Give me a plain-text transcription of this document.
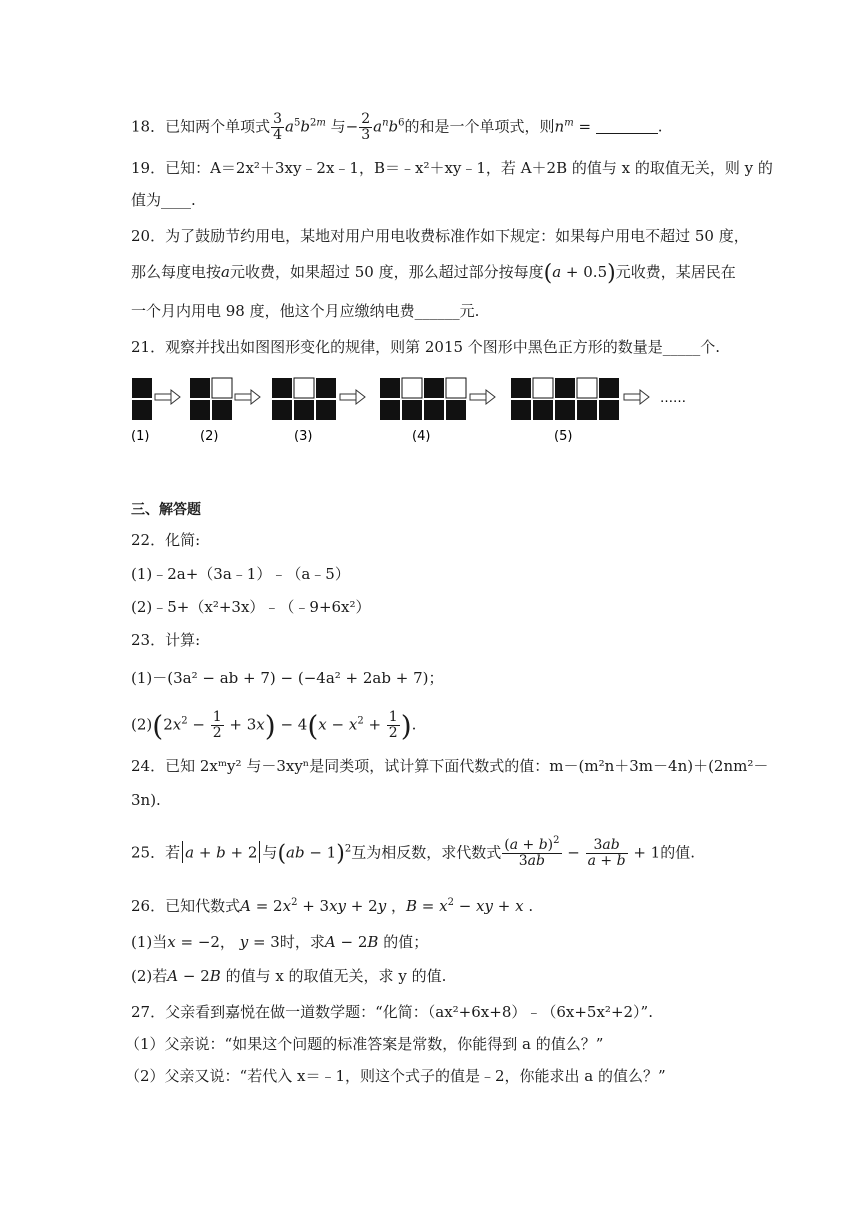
18．已知两个单项式 $\frac{3}{4} a^5b^{2m}$ 与− $\frac{2}{3} a^nb^6$的和是一个单项式，则$n^m$ =	.
19．已知：A＝2x²＋3xy﹣2x﹣1，B＝﹣x²＋xy﹣1，若 A＋2B 的值与 x 的取值无关，则 y 的
值为____.
20．为了鼓励节约用电，某地对用户用电收费标准作如下规定：如果每户用电不超过 50 度，
那么每度电按a元收费，如果超过 50 度，那么超过部分按每度(a + 0.5)元收费，某居民在
一个月内用电 98 度，他这个月应缴纳电费______元.
21．观察并找出如图图形变化的规律，则第 2015 个图形中黑色正方形的数量是_____个.
……
(1)	(2)	(3)	(4)	(5)
三、解答题
22．化简:
(1)﹣2a+（3a﹣1）﹣（a﹣5）
(2)﹣5+（x²+3x）﹣（﹣9+6x²）
23．计算:
(1)－(3a² − ab + 7) − (−4a² + 2ab + 7)；
$(2)(2x^2 - \frac{1}{2} + 3x) - 4(x - x^2 + \frac{1}{2}$ ).
24．已知 2xᵐy² 与－3xyⁿ是同类项，试计算下面代数式的值：m－(m²n＋3m－4n)＋(2nm²－
3n).
25．若 a + b + 2 与(ab − 1)$^2$互为相反数，求代数式 $\frac{(a + b)^2}{3ab} - \frac{3ab}{a + b} + 1$的值.
26．已知代数式$A = 2x^2 + 3xy + 2y$ ，$B = x^2$ − xy + x .
(1)当x = −2， y = 3时，求A − 2B 的值；
(2)若A − 2B 的值与 x 的取值无关，求 y 的值.
27．父亲看到嘉悦在做一道数学题：“化简：（ax²+6x+8）﹣（6x+5x²+2）”.
（1）父亲说：“如果这个问题的标准答案是常数，你能得到 a 的值么？”
（2）父亲又说：“若代入 x＝﹣1，则这个式子的值是﹣2，你能求出 a 的值么？”
